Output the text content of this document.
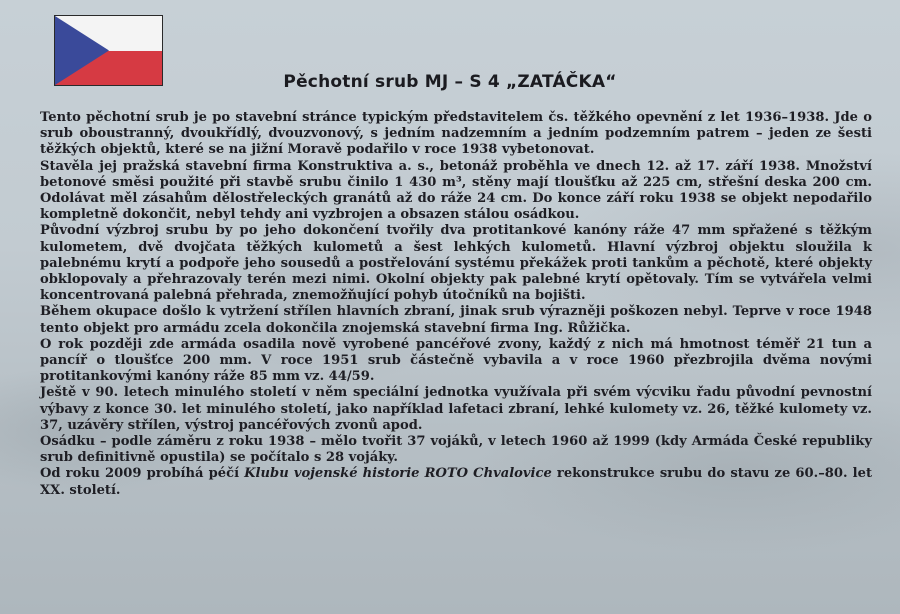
Pěchotní srub MJ – S 4 „ZATÁČKA“

Tento pěchotní srub je po stavební stránce typickým představitelem čs. těžkého opevnění z let 1936–1938. Jde o srub oboustranný, dvoukřídlý, dvouzvonový, s jedním nadzemním a jedním podzemním patrem – jeden ze šesti těžkých objektů, které se na jižní Moravě podařilo v roce 1938 vybetonovat.

Stavěla jej pražská stavební firma Konstruktiva a. s., betonáž proběhla ve dnech 12. až 17. září 1938. Množství betonové směsi použité při stavbě srubu činilo 1 430 m³, stěny mají tloušťku až 225 cm, střešní deska 200 cm. Odolávat měl zásahům dělostřeleckých granátů až do ráže 24 cm. Do konce září roku 1938 se objekt nepodařilo kompletně dokončit, nebyl tehdy ani vyzbrojen a obsazen stálou osádkou.

Původní výzbroj srubu by po jeho dokončení tvořily dva protitankové kanóny ráže 47 mm spřažené s těžkým kulometem, dvě dvojčata těžkých kulometů a šest lehkých kulometů. Hlavní výzbroj objektu sloužila k palebnému krytí a podpoře jeho sousedů a postřelování systému překážek proti tankům a pěchotě, které objekty obklopovaly a přehrazovaly terén mezi nimi. Okolní objekty pak palebné krytí opětovaly. Tím se vytvářela velmi koncentrovaná palebná přehrada, znemožňující pohyb útočníků na bojišti.

Během okupace došlo k vytržení střílen hlavních zbraní, jinak srub výrazněji poškozen nebyl. Teprve v roce 1948 tento objekt pro armádu zcela dokončila znojemská stavební firma Ing. Růžička.

O rok později zde armáda osadila nově vyrobené pancéřové zvony, každý z nich má hmotnost téměř 21 tun a pancíř o tloušťce 200 mm. V roce 1951 srub částečně vybavila a v roce 1960 přezbrojila dvěma novými protitankovými kanóny ráže 85 mm vz. 44/59.

Ještě v 90. letech minulého století v něm speciální jednotka využívala při svém výcviku řadu původní pevnostní výbavy z konce 30. let minulého století, jako například lafetaci zbraní, lehké kulomety vz. 26, těžké kulomety vz. 37, uzávěry střílen, výstroj pancéřových zvonů apod.

Osádku – podle záměru z roku 1938 – mělo tvořit 37 vojáků, v letech 1960 až 1999 (kdy Armáda České republiky srub definitivně opustila) se počítalo s 28 vojáky.

Od roku 2009 probíhá péčí Klubu vojenské historie ROTO Chvalovice rekonstrukce srubu do stavu ze 60.–80. let XX. století.
